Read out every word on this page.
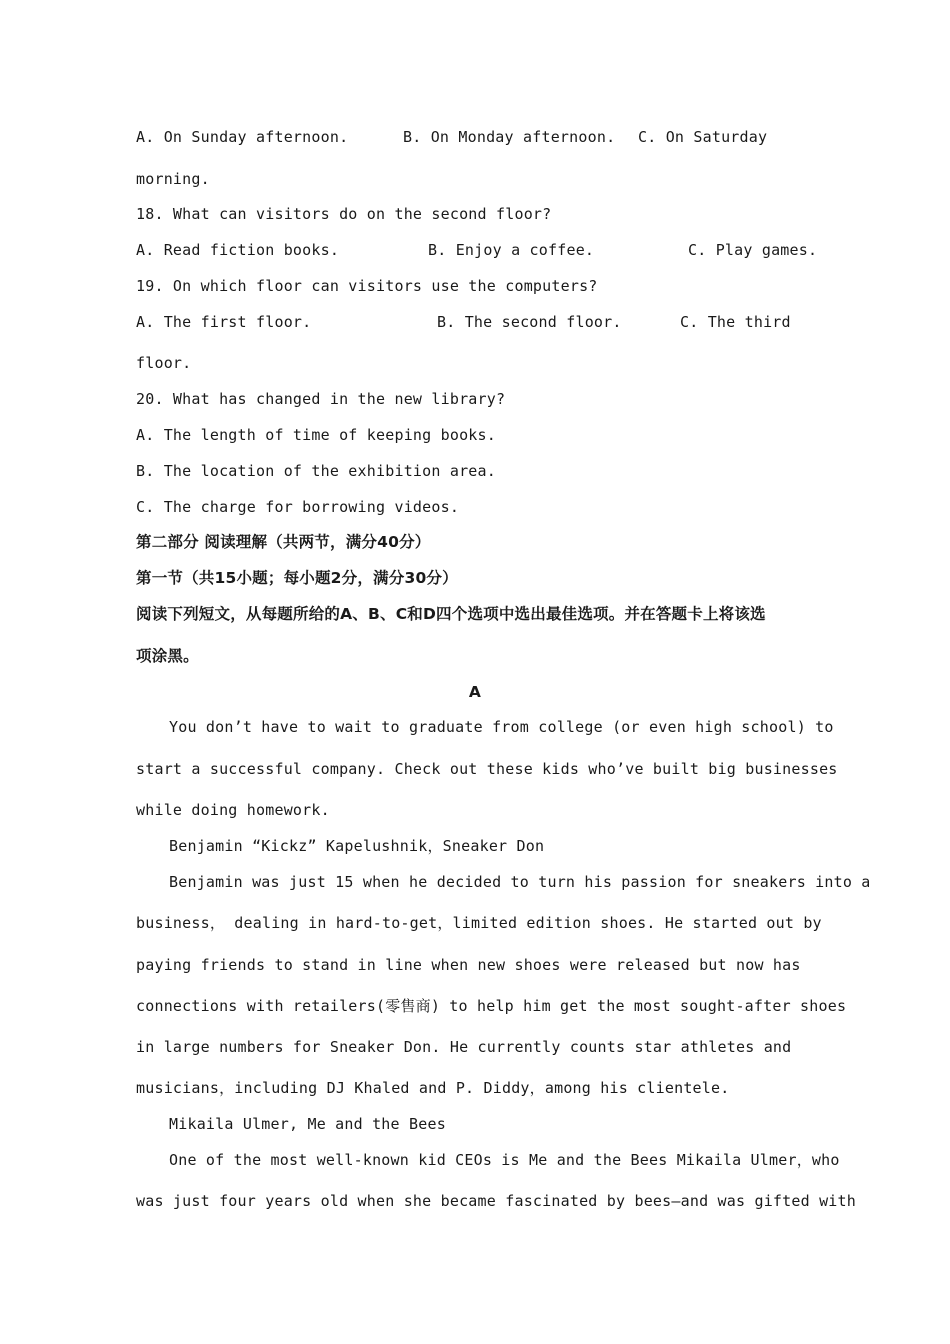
A. On Sunday afternoon.	B. On Monday afternoon. C. On Saturday
morning.
18. What can visitors do on the second floor?
A. Read fiction books.	B. Enjoy a coffee.	C. Play games.
19. On which floor can visitors use the computers?
A. The first floor.	B. The second floor.	C. The third
floor.
20. What has changed in the new library?
A. The length of time of keeping books.
B. The location of the exhibition area.
C. The charge for borrowing videos.
第二部分 阅读理解（共两节，满分40分）
第一节（共15小题；每小题2分，满分30分）
阅读下列短文，从每题所给的A、B、C和D四个选项中选出最佳选项。并在答题卡上将该选
项涂黑。
A
You don’t have to wait to graduate from college (or even high school) to
start a successful company. Check out these kids who’ve built big businesses
while doing homework.
Benjamin “Kickz” Kapelushnik，Sneaker Don
Benjamin was just 15 when he decided to turn his passion for sneakers into a
business， dealing in hard-to-get，limited edition shoes. He started out by
paying friends to stand in line when new shoes were released but now has
connections with retailers(零售商) to help him get the most sought-after shoes
in large numbers for Sneaker Don. He currently counts star athletes and
musicians，including DJ Khaled and P. Diddy，among his clientele.
Mikaila Ulmer, Me and the Bees
One of the most well-known kid CEOs is Me and the Bees Mikaila Ulmer，who
was just four years old when she became fascinated by bees—and was gifted with
